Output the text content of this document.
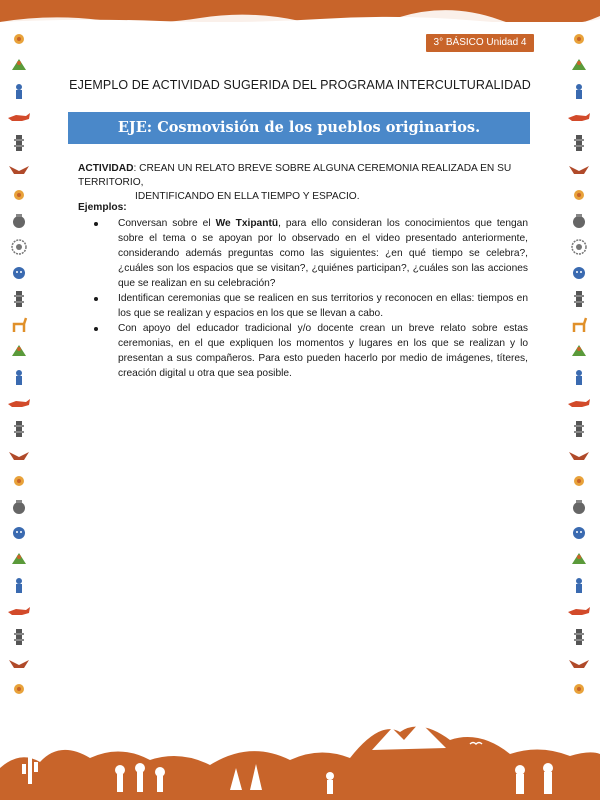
3° BÁSICO Unidad 4
EJEMPLO DE ACTIVIDAD SUGERIDA DEL PROGRAMA INTERCULTURALIDAD
EJE: Cosmovisión de los pueblos originarios.
ACTIVIDAD: CREAN UN RELATO BREVE SOBRE ALGUNA CEREMONIA REALIZADA EN SU TERRITORIO,
IDENTIFICANDO EN ELLA TIEMPO Y ESPACIO.
Ejemplos:
Conversan sobre el We Txipantü, para ello consideran los conocimientos que tengan sobre el tema o se apoyan por lo observado en el video presentado anteriormente, considerando además preguntas como las siguientes: ¿en qué tiempo se celebra?, ¿cuáles son los espacios que se visitan?, ¿quiénes participan?, ¿cuáles son las acciones que se realizan en su celebración?
Identifican ceremonias que se realicen en sus territorios y reconocen en ellas: tiempos en los que se realizan y espacios en los que se llevan a cabo.
Con apoyo del educador tradicional y/o docente crean un breve relato sobre estas ceremonias, en el que expliquen los momentos y lugares en los que se realizan y lo presentan a sus compañeros. Para esto pueden hacerlo por medio de imágenes, títeres, creación digital u otra que sea posible.
